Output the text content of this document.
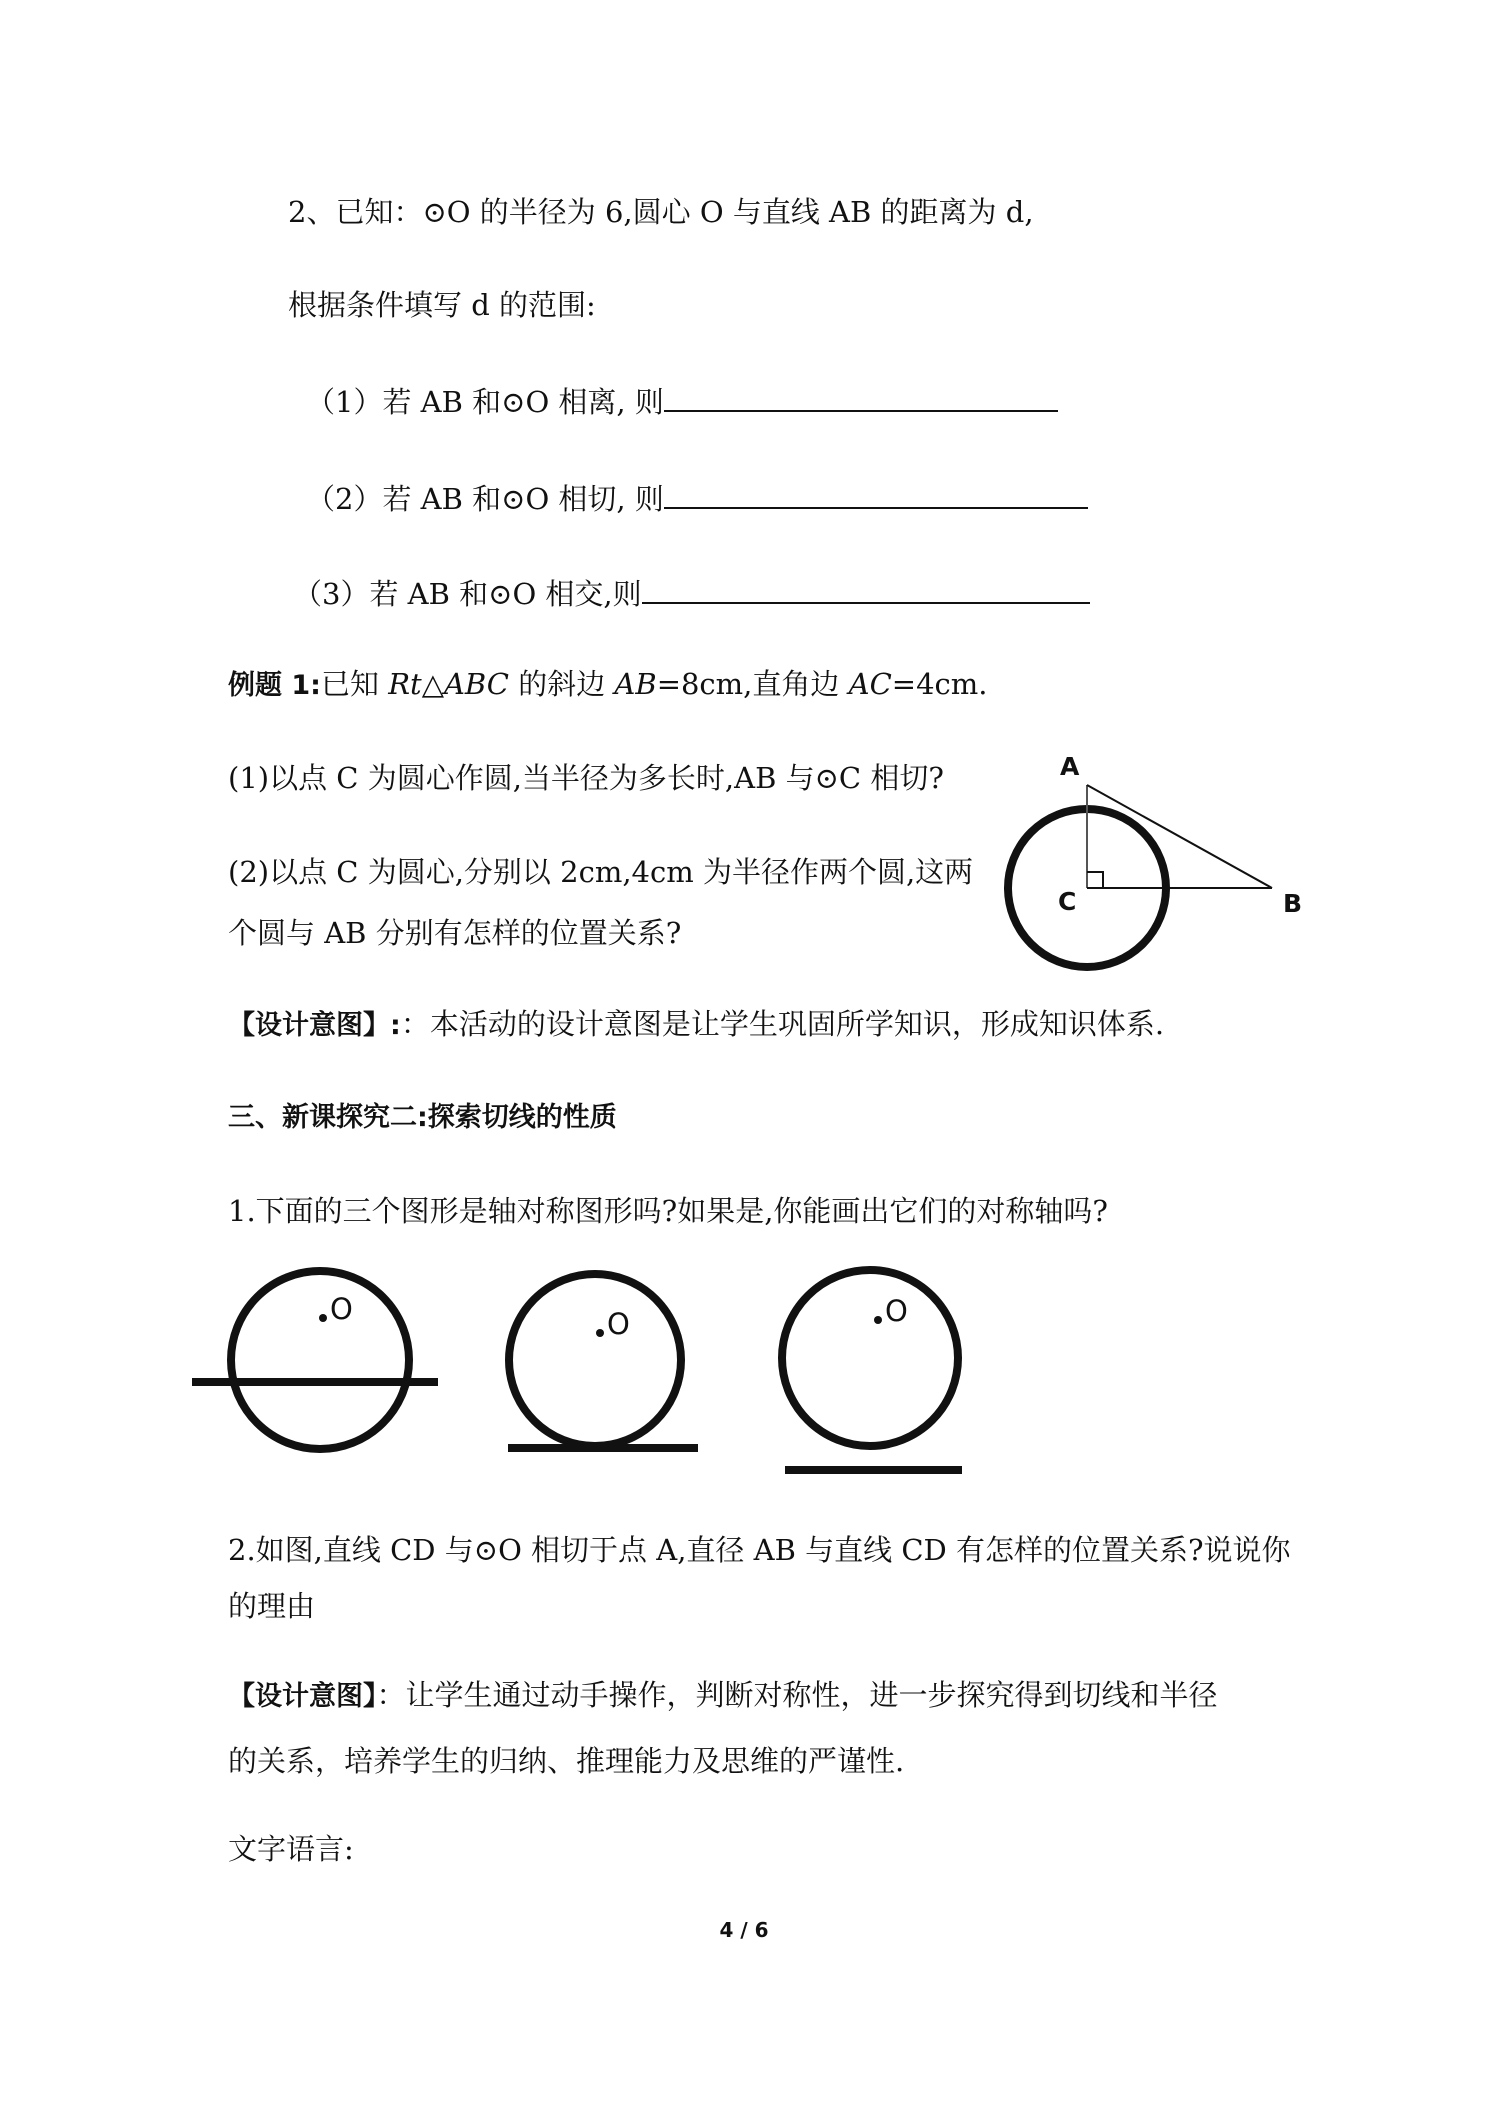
2、已知：⊙O 的半径为 6,圆心 O 与直线 AB 的距离为 d,
根据条件填写 d 的范围:
（1）若 AB 和⊙O 相离, 则
（2）若 AB 和⊙O 相切, 则
（3）若 AB 和⊙O 相交,则
例题 1:已知 Rt△ABC 的斜边 AB=8cm,直角边 AC=4cm.
(1)以点 C 为圆心作圆,当半径为多长时,AB 与⊙C 相切?
(2)以点 C 为圆心,分别以 2cm,4cm 为半径作两个圆,这两
个圆与 AB 分别有怎样的位置关系?
A
B
C
【设计意图】:：本活动的设计意图是让学生巩固所学知识，形成知识体系.
三、新课探究二:探索切线的性质
1.下面的三个图形是轴对称图形吗?如果是,你能画出它们的对称轴吗?
O	O	O
2.如图,直线 CD 与⊙O 相切于点 A,直径 AB 与直线 CD 有怎样的位置关系?说说你
的理由
【设计意图】：让学生通过动手操作，判断对称性，进一步探究得到切线和半径
的关系，培养学生的归纳、推理能力及思维的严谨性.
文字语言:
4 / 6
